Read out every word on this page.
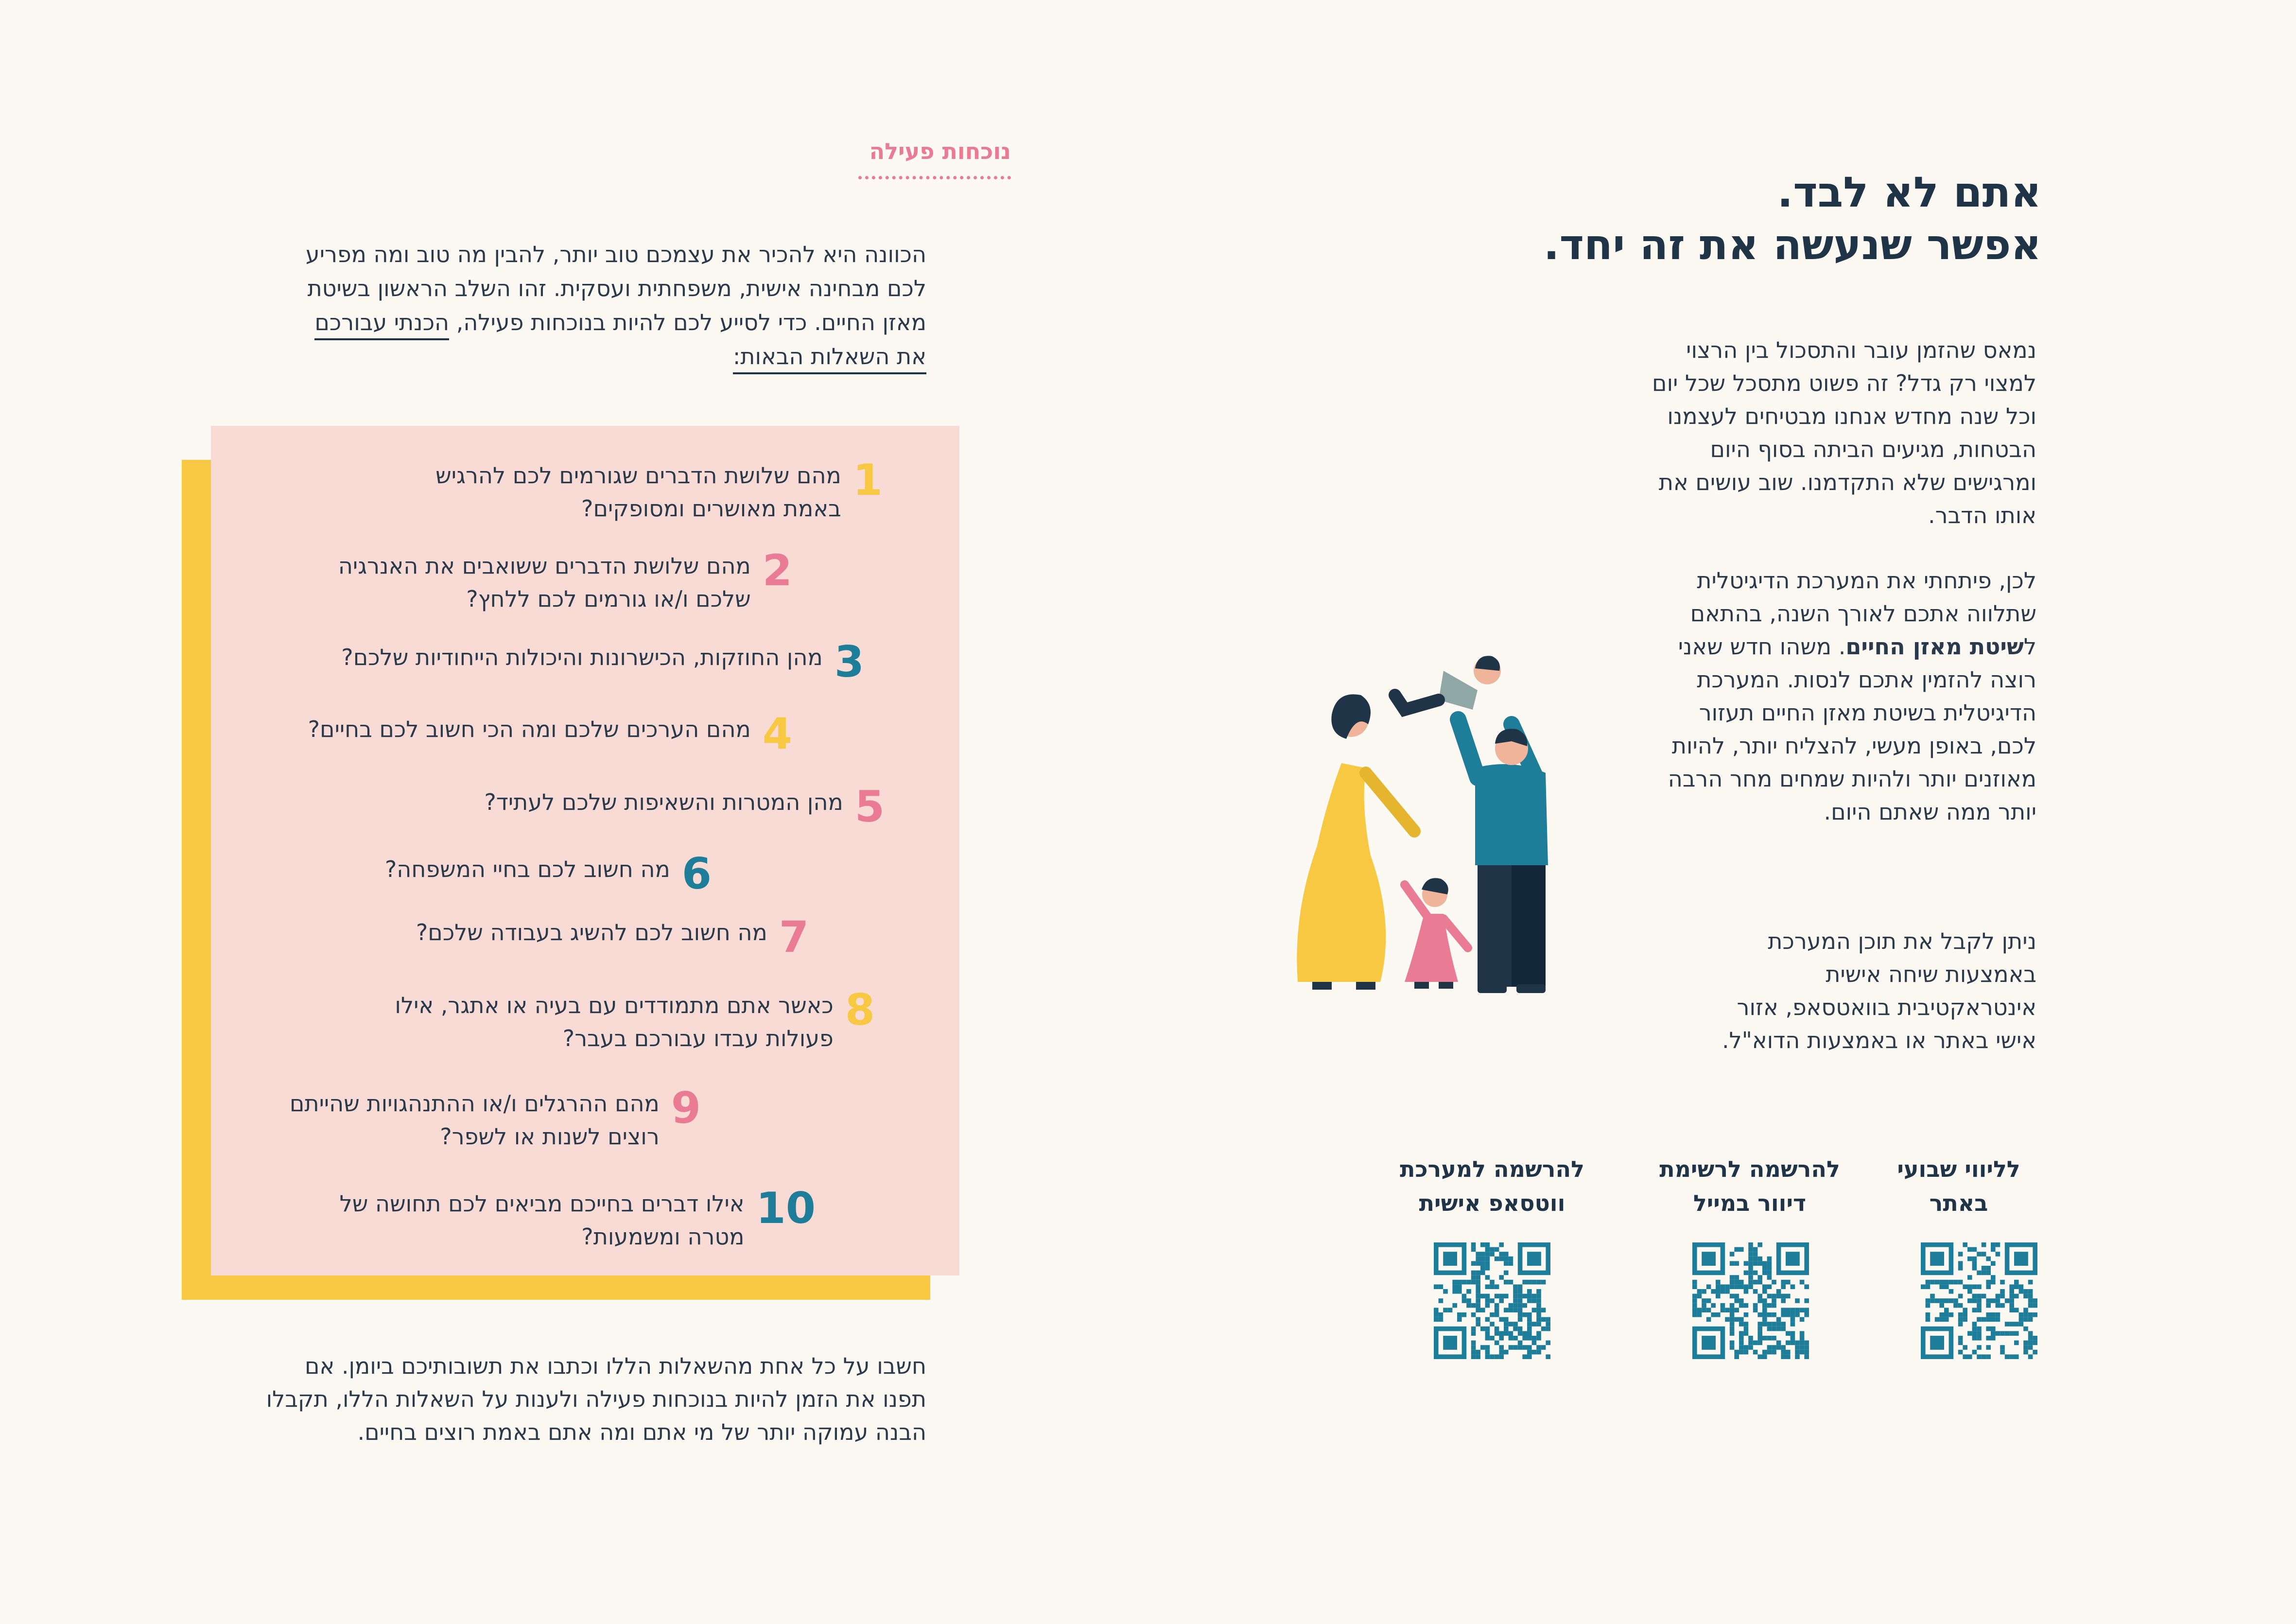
נוכחות פעילה
הכוונה היא להכיר את עצמכם טוב יותר, להבין מה טוב ומה מפריע
לכם מבחינה אישית, משפחתית ועסקית. זהו השלב הראשון בשיטת
מאזן החיים. כדי לסייע לכם להיות בנוכחות פעילה, הכנתי עבורכם
את השאלות הבאות:
1
מהם שלושת הדברים שגורמים לכם להרגיש
באמת מאושרים ומסופקים?
2
מהם שלושת הדברים ששואבים את האנרגיה
שלכם ו/או גורמים לכם ללחץ?
3
מהן החוזקות, הכישרונות והיכולות הייחודיות שלכם?
4
מהם הערכים שלכם ומה הכי חשוב לכם בחיים?
5
מהן המטרות והשאיפות שלכם לעתיד?
6
מה חשוב לכם בחיי המשפחה?
7
מה חשוב לכם להשיג בעבודה שלכם?
8
כאשר אתם מתמודדים עם בעיה או אתגר, אילו
פעולות עבדו עבורכם בעבר?
9
מהם ההרגלים ו/או ההתנהגויות שהייתם
רוצים לשנות או לשפר?
10
אילו דברים בחייכם מביאים לכם תחושה של
מטרה ומשמעות?
חשבו על כל אחת מהשאלות הללו וכתבו את תשובותיכם ביומן. אם
תפנו את הזמן להיות בנוכחות פעילה ולענות על השאלות הללו, תקבלו
הבנה עמוקה יותר של מי אתם ומה אתם באמת רוצים בחיים.
אתם לא לבד.
אפשר שנעשה את זה יחד.
נמאס שהזמן עובר והתסכול בין הרצוי
למצוי רק גדל? זה פשוט מתסכל שכל יום
וכל שנה מחדש אנחנו מבטיחים לעצמנו
הבטחות, מגיעים הביתה בסוף היום
ומרגישים שלא התקדמנו. שוב עושים את
אותו הדבר.
לכן, פיתחתי את המערכת הדיגיטלית
שתלווה אתכם לאורך השנה, בהתאם
לשיטת מאזן החיים. משהו חדש שאני
רוצה להזמין אתכם לנסות. המערכת
הדיגיטלית בשיטת מאזן החיים תעזור
לכם, באופן מעשי, להצליח יותר, להיות
מאוזנים יותר ולהיות שמחים מחר הרבה
יותר ממה שאתם היום.
ניתן לקבל את תוכן המערכת
באמצעות שיחה אישית
אינטראקטיבית בוואטסאפ, אזור
אישי באתר או באמצעות הדוא"ל.
לליווי שבועי
באתר
להרשמה לרשימת
דיוור במייל
להרשמה למערכת
ווטסאפ אישית
